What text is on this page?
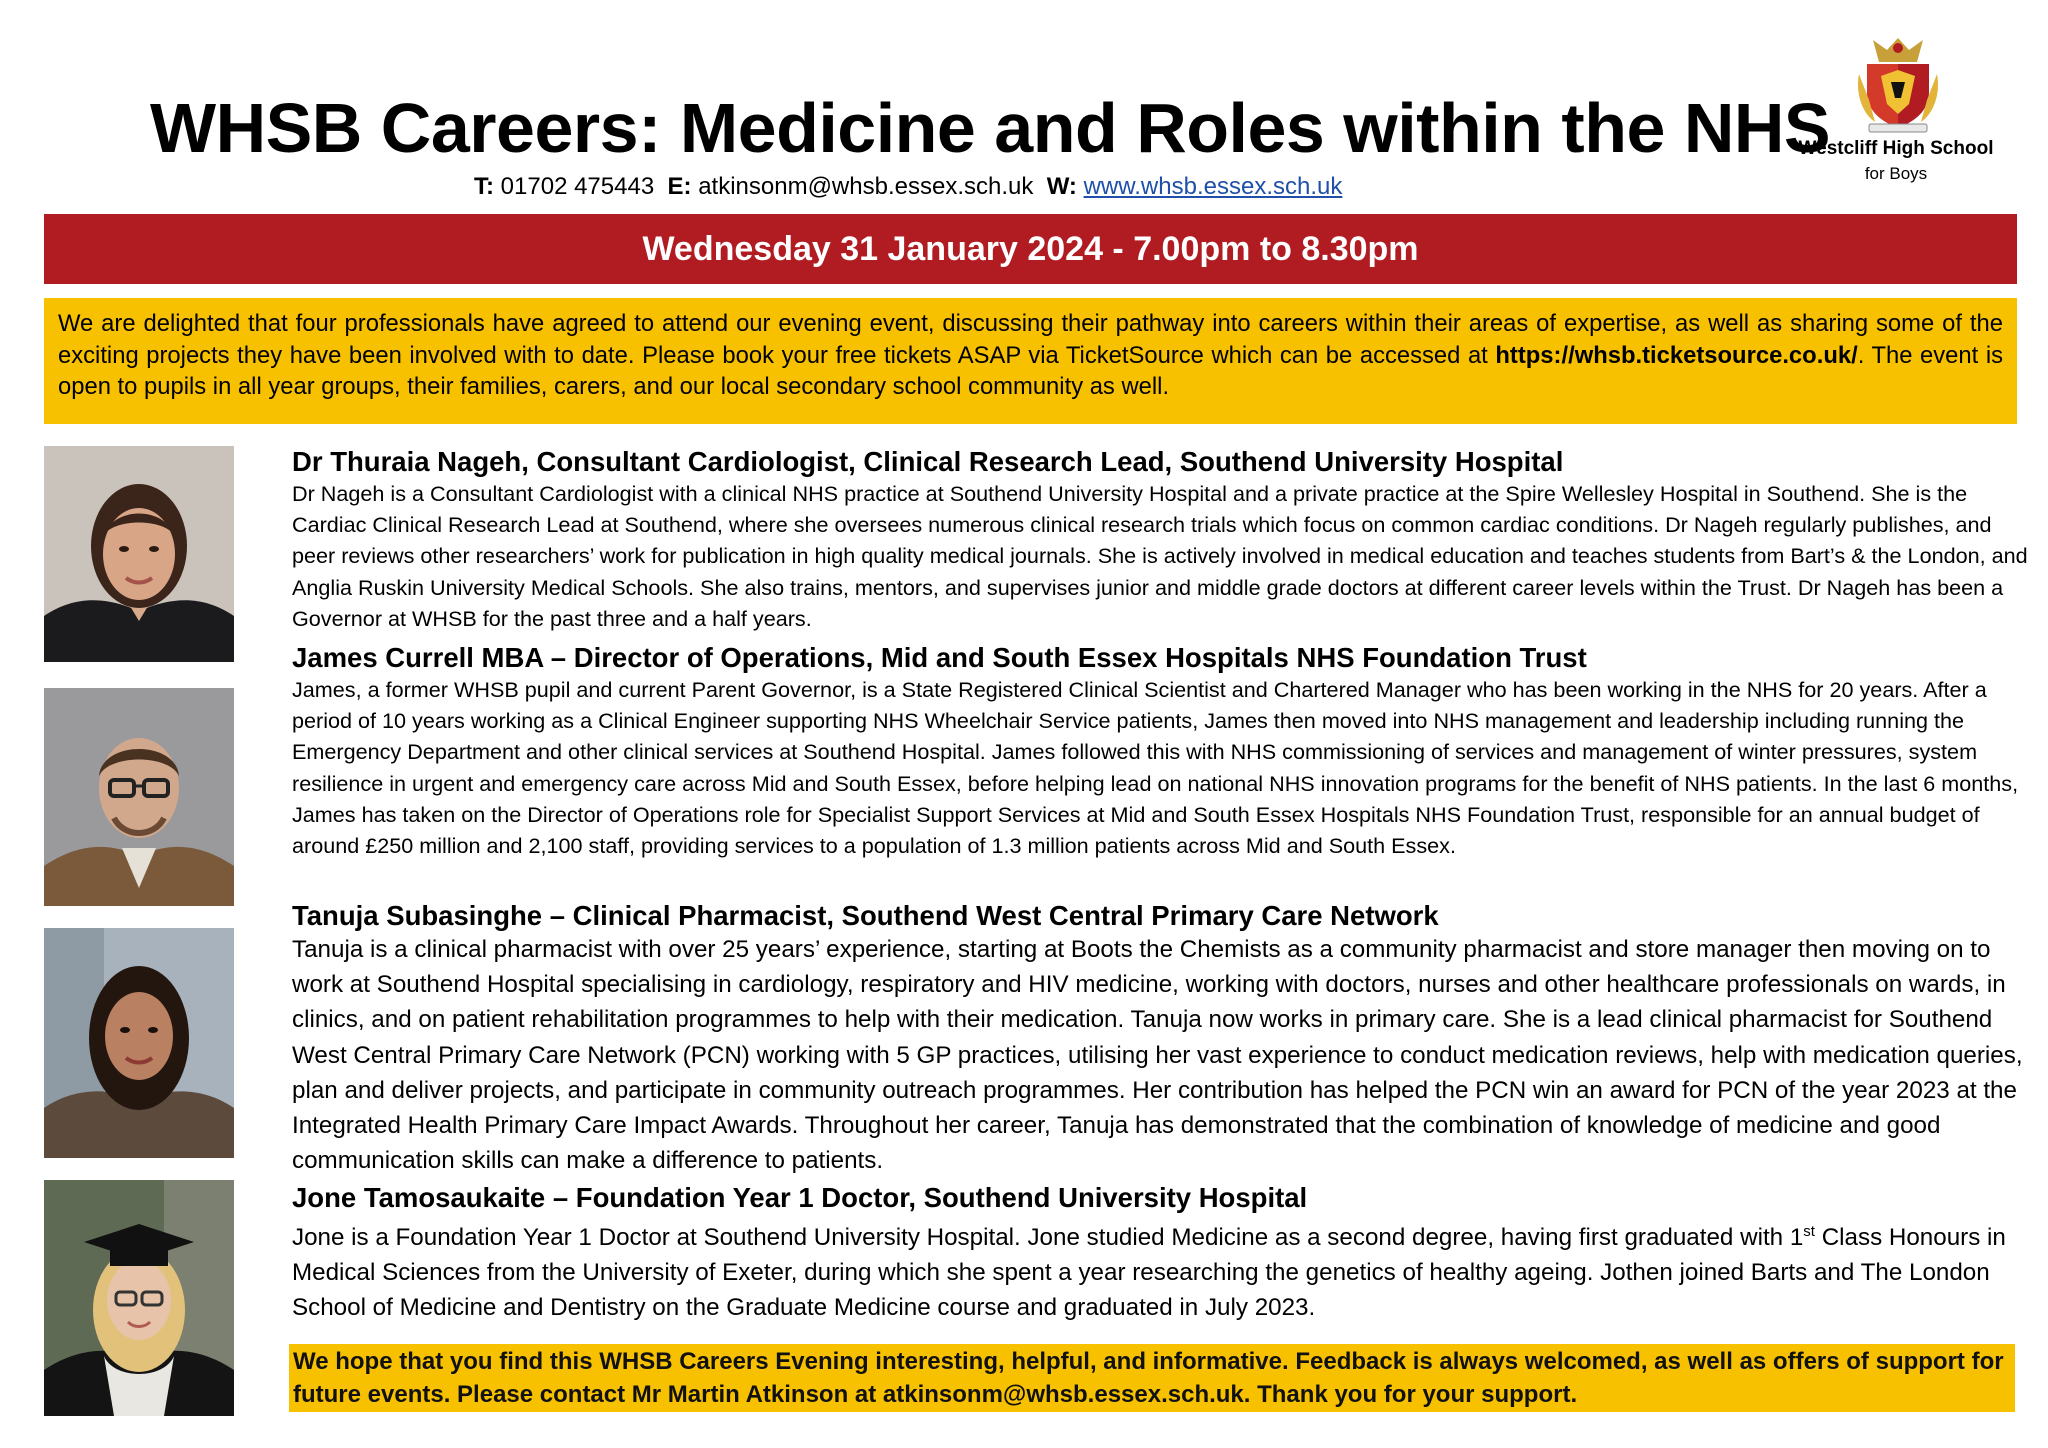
WHSB Careers: Medicine and Roles within the NHS
T: 01702 475443 E: atkinsonm@whsb.essex.sch.uk W: www.whsb.essex.sch.uk
Westcliff High School
for Boys
Wednesday 31 January 2024 - 7.00pm to 8.30pm
We are delighted that four professionals have agreed to attend our evening event, discussing their pathway into careers within their areas of expertise, as well as sharing some of the exciting projects they have been involved with to date. Please book your free tickets ASAP via TicketSource which can be accessed at https://whsb.ticketsource.co.uk/. The event is open to pupils in all year groups, their families, carers, and our local secondary school community as well.
Dr Thuraia Nageh, Consultant Cardiologist, Clinical Research Lead, Southend University Hospital

Dr Nageh is a Consultant Cardiologist with a clinical NHS practice at Southend University Hospital and a private practice at the Spire Wellesley Hospital in Southend. She is the Cardiac Clinical Research Lead at Southend, where she oversees numerous clinical research trials which focus on common cardiac conditions. Dr Nageh regularly publishes, and peer reviews other researchers’ work for publication in high quality medical journals. She is actively involved in medical education and teaches students from Bart’s & the London, and Anglia Ruskin University Medical Schools. She also trains, mentors, and supervises junior and middle grade doctors at different career levels within the Trust. Dr Nageh has been a Governor at WHSB for the past three and a half years.

James Currell MBA – Director of Operations, Mid and South Essex Hospitals NHS Foundation Trust

James, a former WHSB pupil and current Parent Governor, is a State Registered Clinical Scientist and Chartered Manager who has been working in the NHS for 20 years. After a period of 10 years working as a Clinical Engineer supporting NHS Wheelchair Service patients, James then moved into NHS management and leadership including running the Emergency Department and other clinical services at Southend Hospital. James followed this with NHS commissioning of services and management of winter pressures, system resilience in urgent and emergency care across Mid and South Essex, before helping lead on national NHS innovation programs for the benefit of NHS patients. In the last 6 months, James has taken on the Director of Operations role for Specialist Support Services at Mid and South Essex Hospitals NHS Foundation Trust, responsible for an annual budget of around £250 million and 2,100 staff, providing services to a population of 1.3 million patients across Mid and South Essex.

Tanuja Subasinghe – Clinical Pharmacist, Southend West Central Primary Care Network

Tanuja is a clinical pharmacist with over 25 years’ experience, starting at Boots the Chemists as a community pharmacist and store manager then moving on to work at Southend Hospital specialising in cardiology, respiratory and HIV medicine, working with doctors, nurses and other healthcare professionals on wards, in clinics, and on patient rehabilitation programmes to help with their medication. Tanuja now works in primary care. She is a lead clinical pharmacist for Southend West Central Primary Care Network (PCN) working with 5 GP practices, utilising her vast experience to conduct medication reviews, help with medication queries, plan and deliver projects, and participate in community outreach programmes. Her contribution has helped the PCN win an award for PCN of the year 2023 at the Integrated Health Primary Care Impact Awards. Throughout her career, Tanuja has demonstrated that the combination of knowledge of medicine and good communication skills can make a difference to patients.

Jone Tamosaukaite – Foundation Year 1 Doctor, Southend University Hospital

Jone is a Foundation Year 1 Doctor at Southend University Hospital. Jone studied Medicine as a second degree, having first graduated with 1st Class Honours in Medical Sciences from the University of Exeter, during which she spent a year researching the genetics of healthy ageing. Jothen joined Barts and The London School of Medicine and Dentistry on the Graduate Medicine course and graduated in July 2023.

We hope that you find this WHSB Careers Evening interesting, helpful, and informative. Feedback is always welcomed, as well as offers of support for future events. Please contact Mr Martin Atkinson at atkinsonm@whsb.essex.sch.uk. Thank you for your support.
